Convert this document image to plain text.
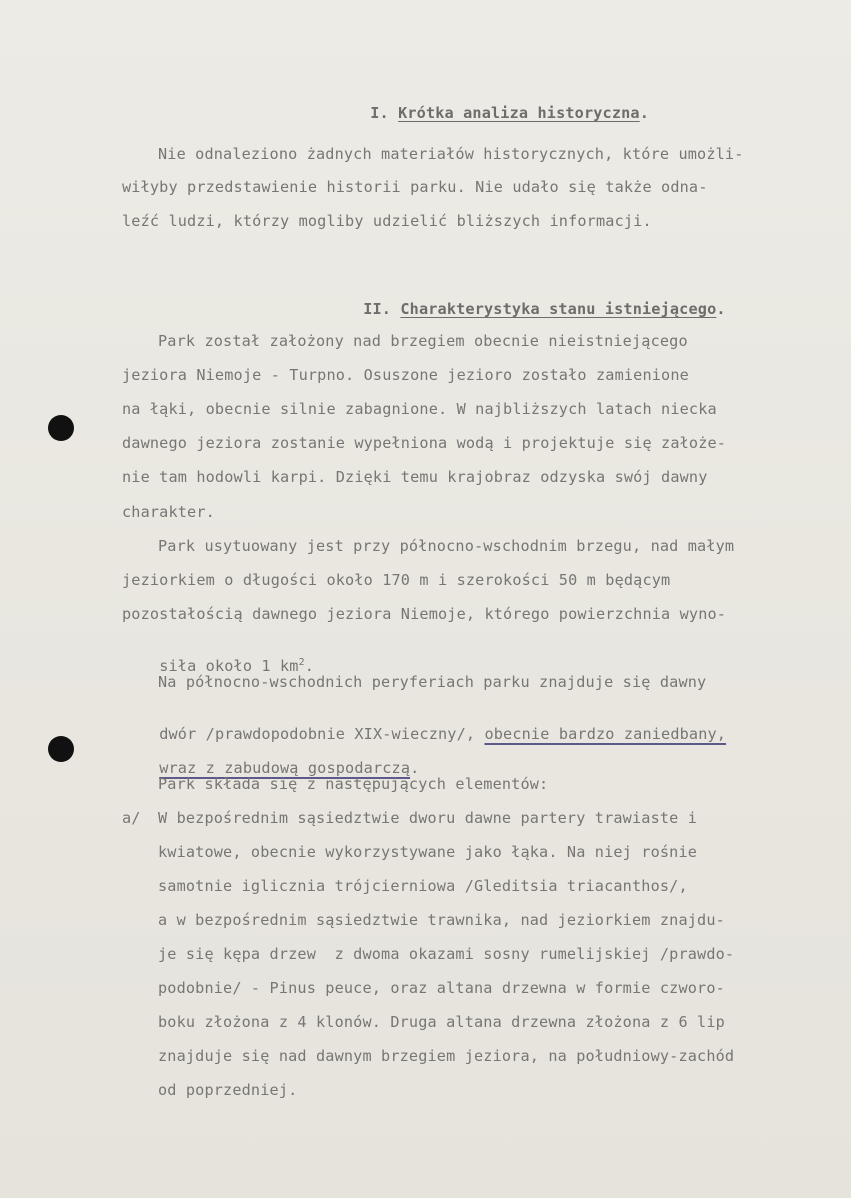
I. Krótka analiza historyczna.

Nie odnaleziono żadnych materiałów historycznych, które umożli-
wiłyby przedstawienie historii parku. Nie udało się także odna-
leźć ludzi, którzy mogliby udzielić bliższych informacji.

II. Charakterystyka stanu istniejącego.

Park został założony nad brzegiem obecnie nieistniejącego
jeziora Niemoje - Turpno. Osuszone jezioro zostało zamienione
na łąki, obecnie silnie zabagnione. W najbliższych latach niecka
dawnego jeziora zostanie wypełniona wodą i projektuje się założe-
nie tam hodowli karpi. Dzięki temu krajobraz odzyska swój dawny
charakter.
Park usytuowany jest przy północno-wschodnim brzegu, nad małym
jeziorkiem o długości około 170 m i szerokości 50 m będącym
pozostałością dawnego jeziora Niemoje, którego powierzchnia wyno-

siła około 1 $km^2$.

Na północno-wschodnich peryferiach parku znajduje się dawny

dwór /prawdopodobnie XIX-wieczny/, obecnie bardzo zaniedbany,

wraz z zabudową gospodarczą.

Park składa się z następujących elementów:
a/ W bezpośrednim sąsiedztwie dworu dawne partery trawiaste i
kwiatowe, obecnie wykorzystywane jako łąka. Na niej rośnie
samotnie iglicznia trójcierniowa /Gleditsia triacanthos/,
a w bezpośrednim sąsiedztwie trawnika, nad jeziorkiem znajdu-
je się kępa drzew  z dwoma okazami sosny rumelijskiej /prawdo-
podobnie/ - Pinus peuce, oraz altana drzewna w formie czworo-
boku złożona z 4 klonów. Druga altana drzewna złożona z 6 lip
znajduje się nad dawnym brzegiem jeziora, na południowy-zachód
od poprzedniej.
